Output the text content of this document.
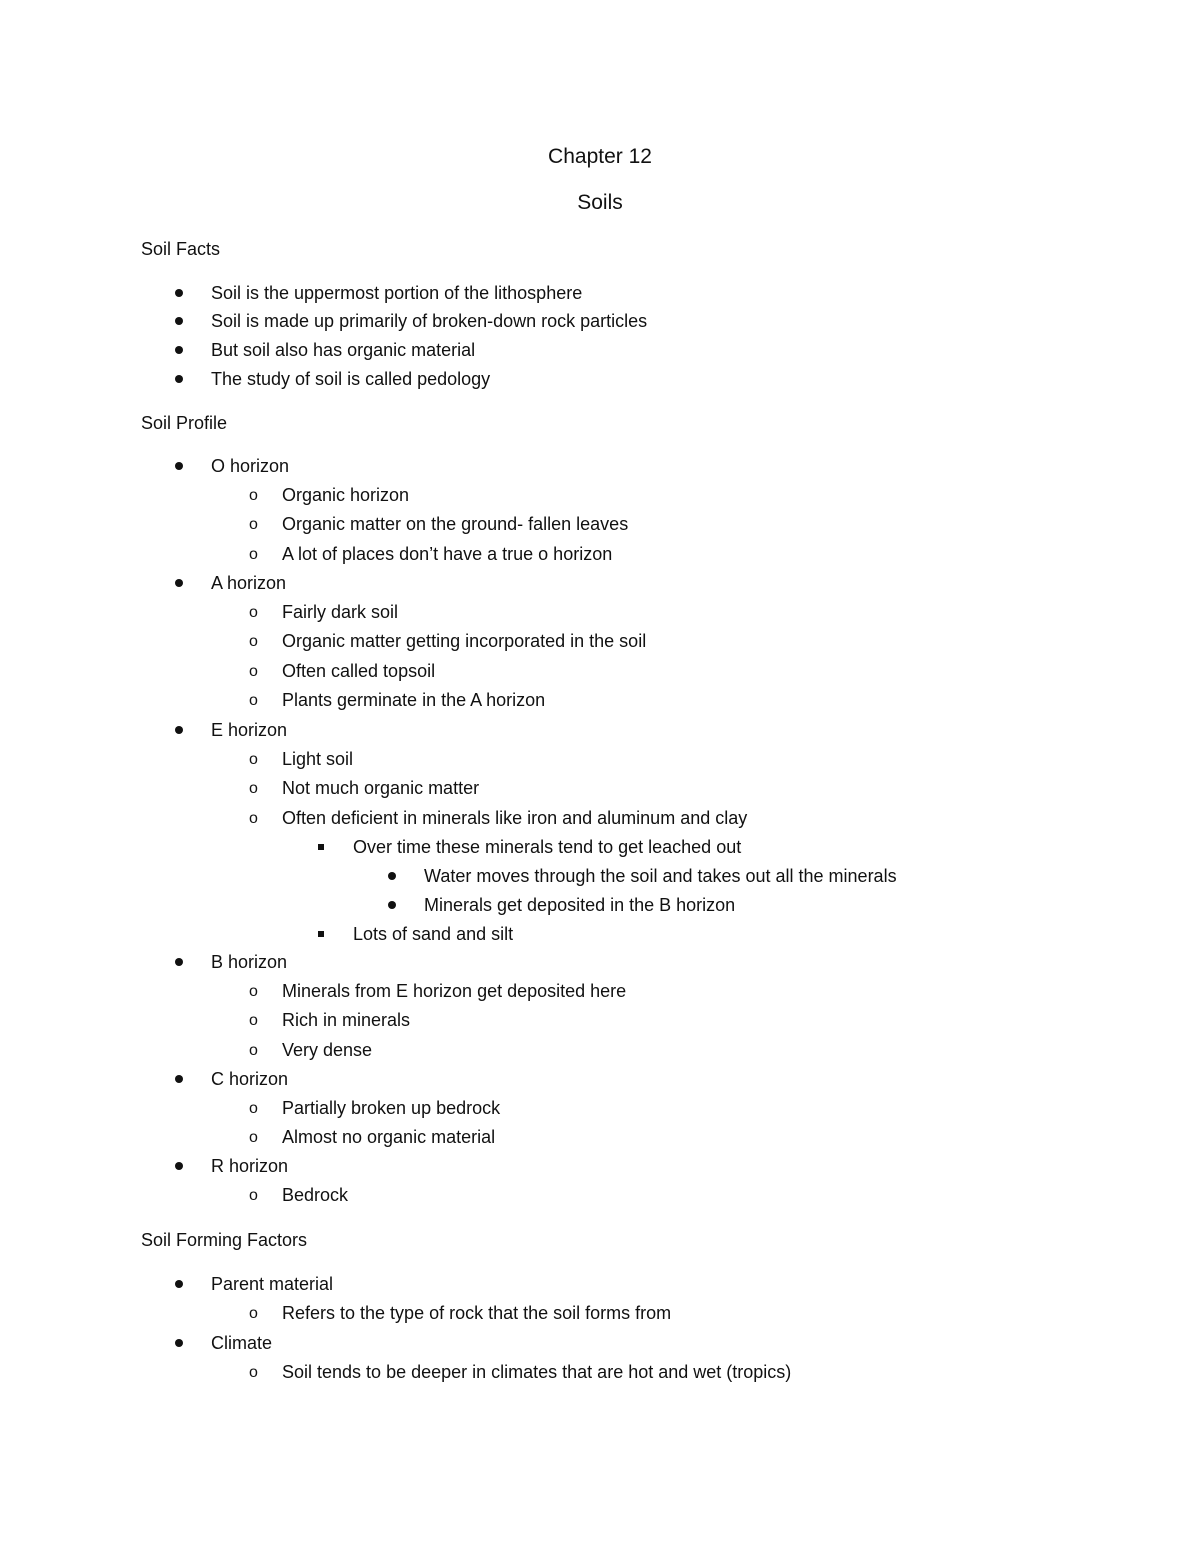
Chapter 12
Soils
Soil Facts
Soil is the uppermost portion of the lithosphere
Soil is made up primarily of broken-down rock particles
But soil also has organic material
The study of soil is called pedology
Soil Profile
O horizon
o Organic horizon
o Organic matter on the ground- fallen leaves
o A lot of places don’t have a true o horizon
A horizon
o Fairly dark soil
o Organic matter getting incorporated in the soil
o Often called topsoil
o Plants germinate in the A horizon
E horizon
o Light soil
o Not much organic matter
o Often deficient in minerals like iron and aluminum and clay
Over time these minerals tend to get leached out
Water moves through the soil and takes out all the minerals
Minerals get deposited in the B horizon
Lots of sand and silt
B horizon
o Minerals from E horizon get deposited here
o Rich in minerals
o Very dense
C horizon
o Partially broken up bedrock
o Almost no organic material
R horizon
o Bedrock
Soil Forming Factors
Parent material
o Refers to the type of rock that the soil forms from
Climate
o Soil tends to be deeper in climates that are hot and wet (tropics)
